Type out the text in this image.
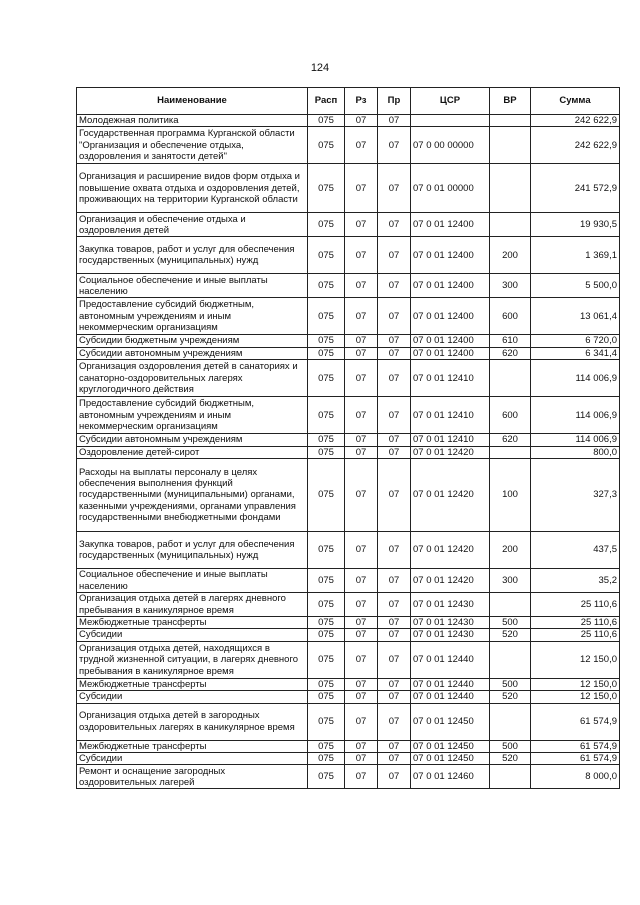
124
Наименование	Расп	Рз	Пр	ЦСР	ВР	Сумма
Молодежная политика	075	07	07			242 622,9
Государственная программа Курганской области "Организация и обеспечение отдыха, оздоровления и занятости детей"	075	07	07	07 0 00 00000		242 622,9
Организация и расширение видов форм отдыха и повышение охвата отдыха и оздоровления детей, проживающих на территории Курганской области	075	07	07	07 0 01 00000		241 572,9
Организация и обеспечение отдыха и оздоровления детей	075	07	07	07 0 01 12400		19 930,5
Закупка товаров, работ и услуг для обеспечения государственных (муниципальных) нужд	075	07	07	07 0 01 12400	200	1 369,1
Социальное обеспечение и иные выплаты населению	075	07	07	07 0 01 12400	300	5 500,0
Предоставление субсидий бюджетным, автономным учреждениям и иным некоммерческим организациям	075	07	07	07 0 01 12400	600	13 061,4
Субсидии бюджетным учреждениям	075	07	07	07 0 01 12400	610	6 720,0
Субсидии автономным учреждениям	075	07	07	07 0 01 12400	620	6 341,4
Организация оздоровления детей в санаториях и санаторно-оздоровительных лагерях круглогодичного действия	075	07	07	07 0 01 12410		114 006,9
Предоставление субсидий бюджетным, автономным учреждениям и иным некоммерческим организациям	075	07	07	07 0 01 12410	600	114 006,9
Субсидии автономным учреждениям	075	07	07	07 0 01 12410	620	114 006,9
Оздоровление детей-сирот	075	07	07	07 0 01 12420		800,0
Расходы на выплаты персоналу в целях обеспечения выполнения функций государственными (муниципальными) органами, казенными учреждениями, органами управления государственными внебюджетными фондами	075	07	07	07 0 01 12420	100	327,3
Закупка товаров, работ и услуг для обеспечения государственных (муниципальных) нужд	075	07	07	07 0 01 12420	200	437,5
Социальное обеспечение и иные выплаты населению	075	07	07	07 0 01 12420	300	35,2
Организация отдыха детей в лагерях дневного пребывания в каникулярное время	075	07	07	07 0 01 12430		25 110,6
Межбюджетные трансферты	075	07	07	07 0 01 12430	500	25 110,6
Субсидии	075	07	07	07 0 01 12430	520	25 110,6
Организация отдыха детей, находящихся в трудной жизненной ситуации, в лагерях дневного пребывания в каникулярное время	075	07	07	07 0 01 12440		12 150,0
Межбюджетные трансферты	075	07	07	07 0 01 12440	500	12 150,0
Субсидии	075	07	07	07 0 01 12440	520	12 150,0
Организация отдыха детей в загородных оздоровительных лагерях в каникулярное время	075	07	07	07 0 01 12450		61 574,9
Межбюджетные трансферты	075	07	07	07 0 01 12450	500	61 574,9
Субсидии	075	07	07	07 0 01 12450	520	61 574,9
Ремонт и оснащение загородных оздоровительных лагерей	075	07	07	07 0 01 12460		8 000,0
